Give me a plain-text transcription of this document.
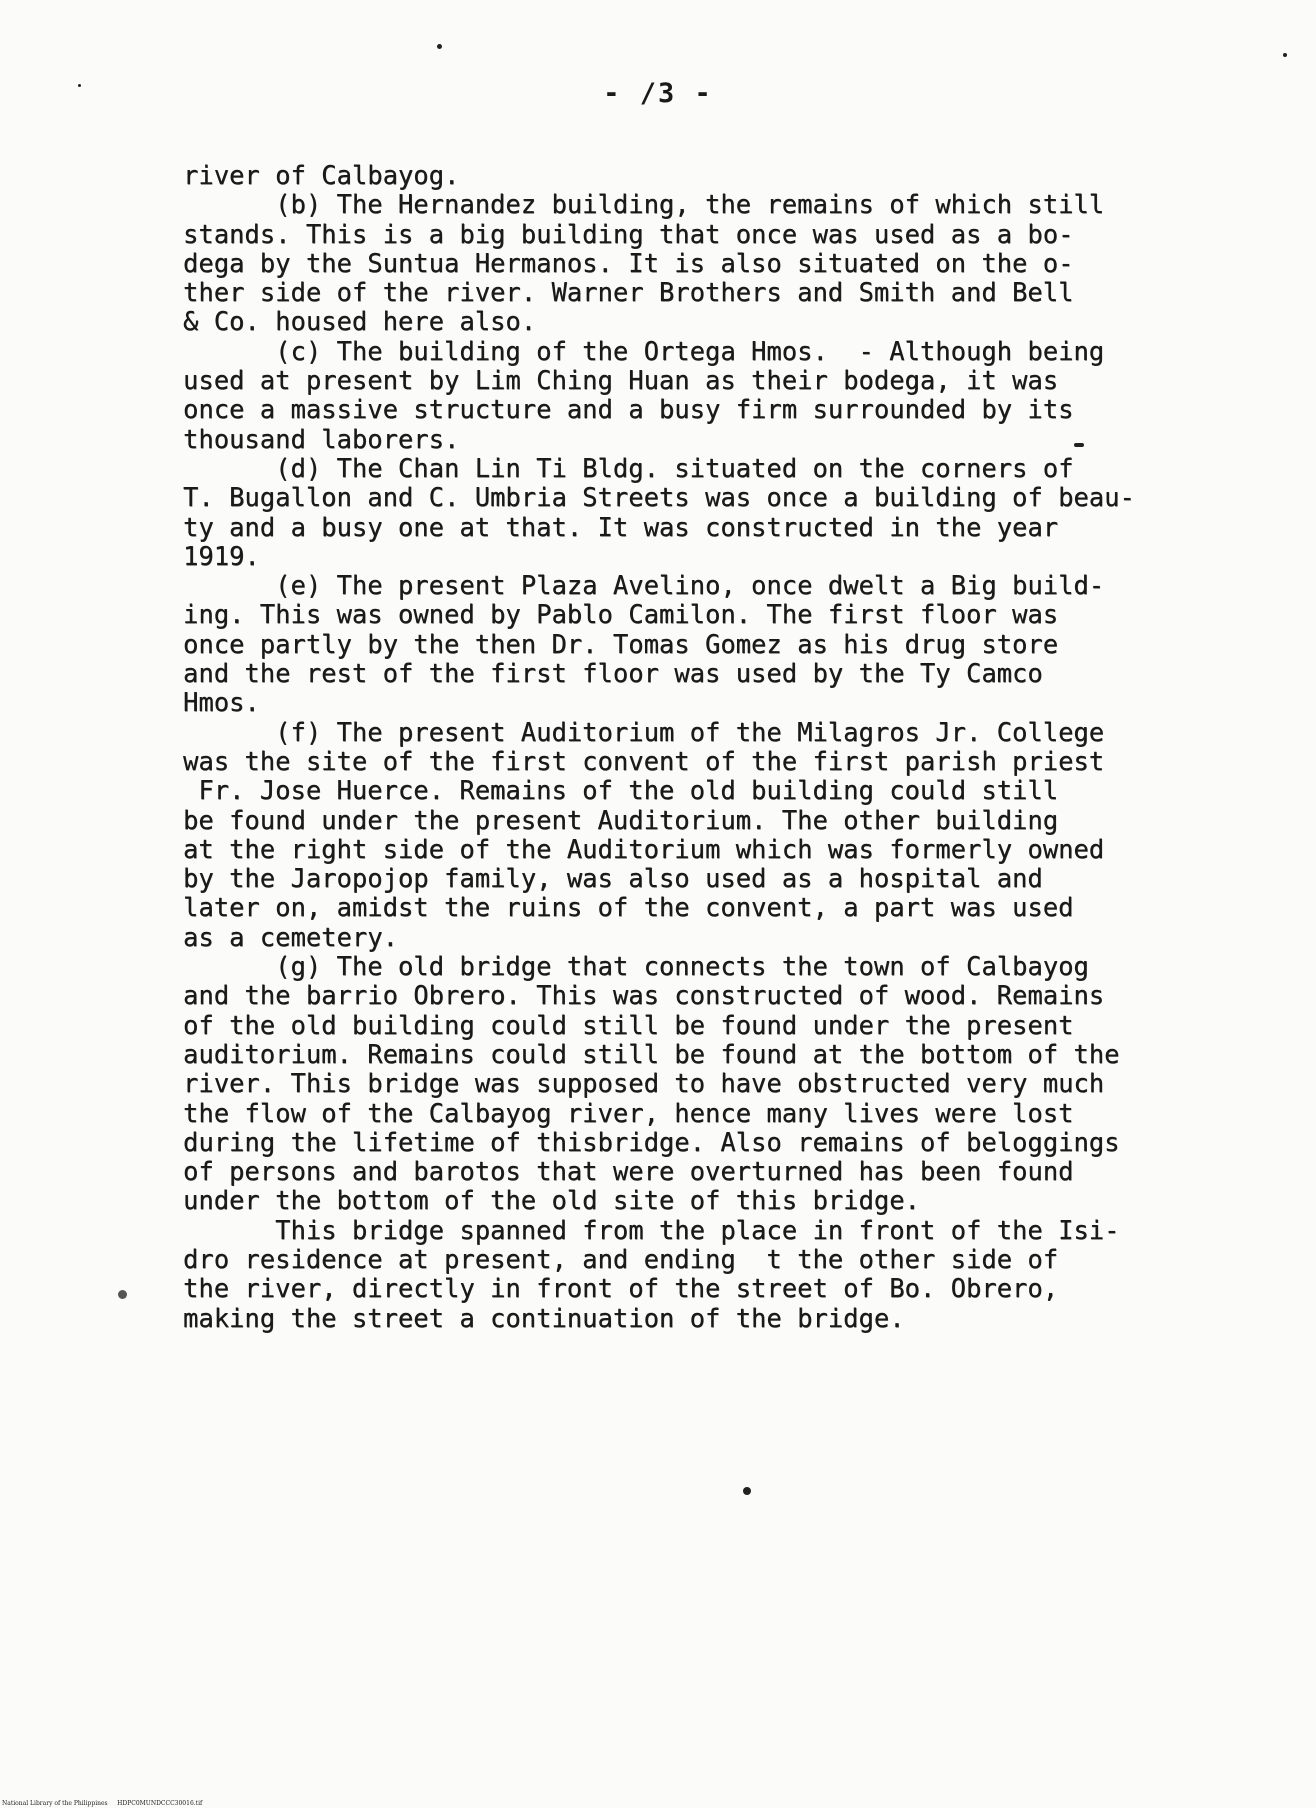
- /3 -
river of Calbayog.
(b) The Hernandez building, the remains of which still
stands. This is a big building that once was used as a bo-
dega by the Suntua Hermanos. It is also situated on the o-
ther side of the river. Warner Brothers and Smith and Bell
& Co. housed here also.
(c) The building of the Ortega Hmos.  - Although being
used at present by Lim Ching Huan as their bodega, it was
once a massive structure and a busy firm surrounded by its
thousand laborers.
(d) The Chan Lin Ti Bldg. situated on the corners of
T. Bugallon and C. Umbria Streets was once a building of beau-
ty and a busy one at that. It was constructed in the year
1919.
(e) The present Plaza Avelino, once dwelt a Big build-
ing. This was owned by Pablo Camilon. The first floor was
once partly by the then Dr. Tomas Gomez as his drug store
and the rest of the first floor was used by the Ty Camco
Hmos.
(f) The present Auditorium of the Milagros Jr. College
was the site of the first convent of the first parish priest
Fr. Jose Huerce. Remains of the old building could still
be found under the present Auditorium. The other building
at the right side of the Auditorium which was formerly owned
by the Jaropojop family, was also used as a hospital and
later on, amidst the ruins of the convent, a part was used
as a cemetery.
(g) The old bridge that connects the town of Calbayog
and the barrio Obrero. This was constructed of wood. Remains
of the old building could still be found under the present
auditorium. Remains could still be found at the bottom of the
river. This bridge was supposed to have obstructed very much
the flow of the Calbayog river, hence many lives were lost
during the lifetime of thisbridge. Also remains of beloggings
of persons and barotos that were overturned has been found
under the bottom of the old site of this bridge.
This bridge spanned from the place in front of the Isi-
dro residence at present, and ending  t the other side of
the river, directly in front of the street of Bo. Obrero,
making the street a continuation of the bridge.
National Library of the Philippines     HDPC0MUNDCCC30016.tif
